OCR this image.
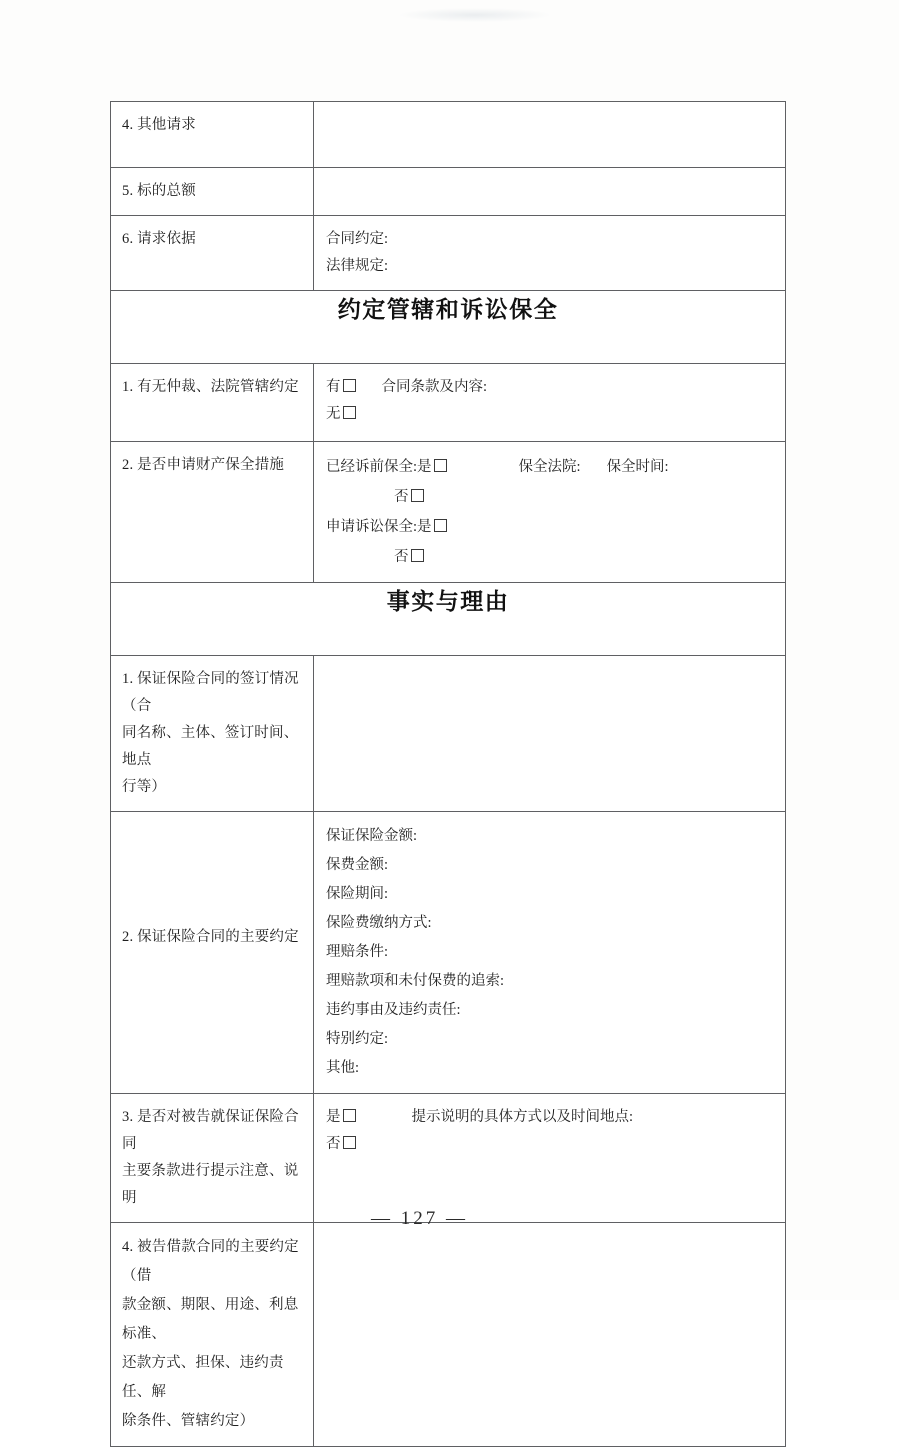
4. 其他请求	

5. 标的总额	

6. 请求依据	合同约定:
法律规定:

约定管辖和诉讼保全	

1. 有无仲裁、法院管辖约定	有 合同条款及内容:
无

2. 是否申请财产保全措施	已经诉前保全:是 保全法院: 保全时间:
否
申请诉讼保全:是
否

事实与理由	

1. 保证保险合同的签订情况（合
同名称、主体、签订时间、地点
行等）	

2. 保证保险合同的主要约定

保证保险金额:
保费金额:
保险期间:
保险费缴纳方式:
理赔条件:
理赔款项和未付保费的追索:
违约事由及违约责任:
特别约定:
其他:

3. 是否对被告就保证保险合同
主要条款进行提示注意、说明

是	提示说明的具体方式以及时间地点:
否

4. 被告借款合同的主要约定（借
款金额、期限、用途、利息标准、
还款方式、担保、违约责任、解
除条件、管辖约定）	

— 127 —
